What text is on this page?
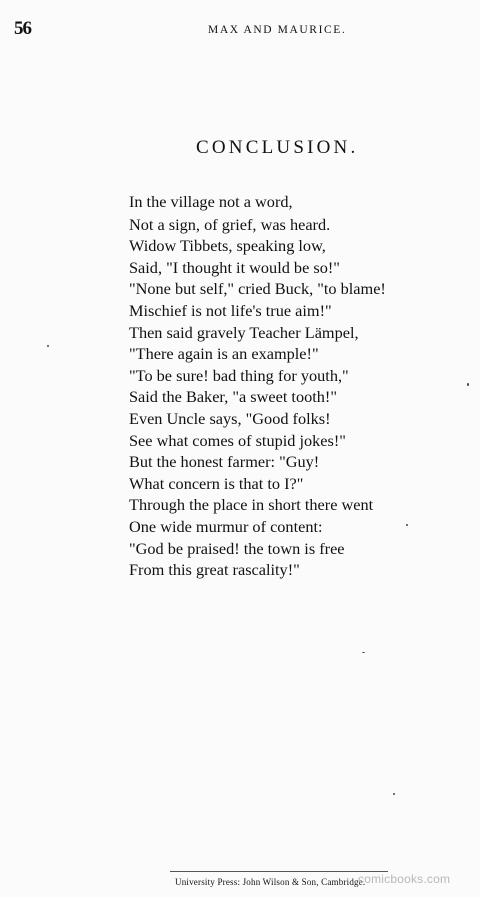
56	MAX AND MAURICE.
CONCLUSION.
In the village not a word,
Not a sign, of grief, was heard.
Widow Tibbets, speaking low,
Said, "I thought it would be so!"
"None but self," cried Buck, "to blame!
Mischief is not life's true aim!"
Then said gravely Teacher Lämpel,
"There again is an example!"
"To be sure! bad thing for youth,"
Said the Baker, "a sweet tooth!"
Even Uncle says, "Good folks!
See what comes of stupid jokes!"
But the honest farmer: "Guy!
What concern is that to I?"
Through the place in short there went
One wide murmur of content:
"God be praised! the town is free
From this great rascality!"
University Press: John Wilson & Son, Cambridge.
comicbooks.com
